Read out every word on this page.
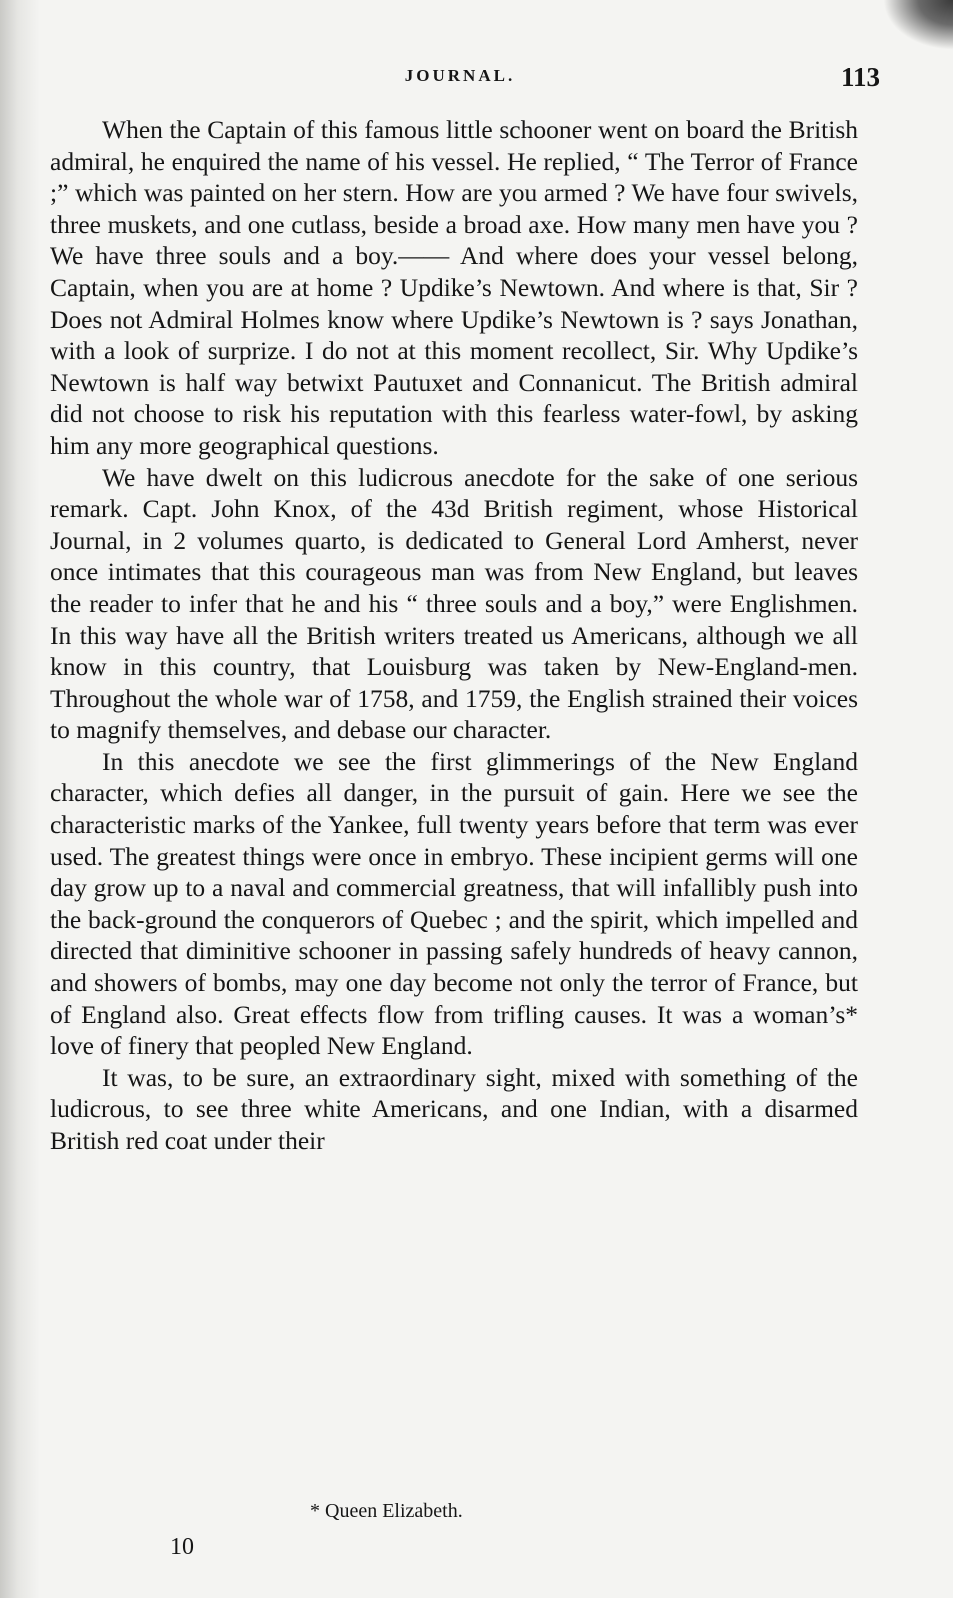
JOURNAL.	113

When the Captain of this famous little schooner went on board the British admiral, he enquired the name of his vessel. He replied, “ The Terror of France ;” which was painted on her stern. How are you armed ? We have four swivels, three muskets, and one cutlass, beside a broad axe. How many men have you ? We have three souls and a boy.—— And where does your vessel belong, Captain, when you are at home ? Updike’s Newtown. And where is that, Sir ? Does not Admiral Holmes know where Updike’s Newtown is ? says Jonathan, with a look of surprize. I do not at this moment recollect, Sir. Why Updike’s Newtown is half way betwixt Pautuxet and Connanicut. The British admiral did not choose to risk his reputation with this fearless water-fowl, by asking him any more geographical questions.

We have dwelt on this ludicrous anecdote for the sake of one serious remark. Capt. John Knox, of the 43d British regiment, whose Historical Journal, in 2 volumes quarto, is dedicated to General Lord Amherst, never once intimates that this courageous man was from New England, but leaves the reader to infer that he and his “ three souls and a boy,” were Englishmen. In this way have all the British writers treated us Americans, although we all know in this country, that Louisburg was taken by New-England-men. Throughout the whole war of 1758, and 1759, the English strained their voices to magnify themselves, and debase our character.

In this anecdote we see the first glimmerings of the New England character, which defies all danger, in the pursuit of gain. Here we see the characteristic marks of the Yankee, full twenty years before that term was ever used. The greatest things were once in embryo. These incipient germs will one day grow up to a naval and commercial greatness, that will infallibly push into the back-ground the conquerors of Quebec ; and the spirit, which impelled and directed that diminitive schooner in passing safely hundreds of heavy cannon, and showers of bombs, may one day become not only the terror of France, but of England also. Great effects flow from trifling causes. It was a woman’s* love of finery that peopled New England.

It was, to be sure, an extraordinary sight, mixed with something of the ludicrous, to see three white Americans, and one Indian, with a disarmed British red coat under their

* Queen Elizabeth.
10
